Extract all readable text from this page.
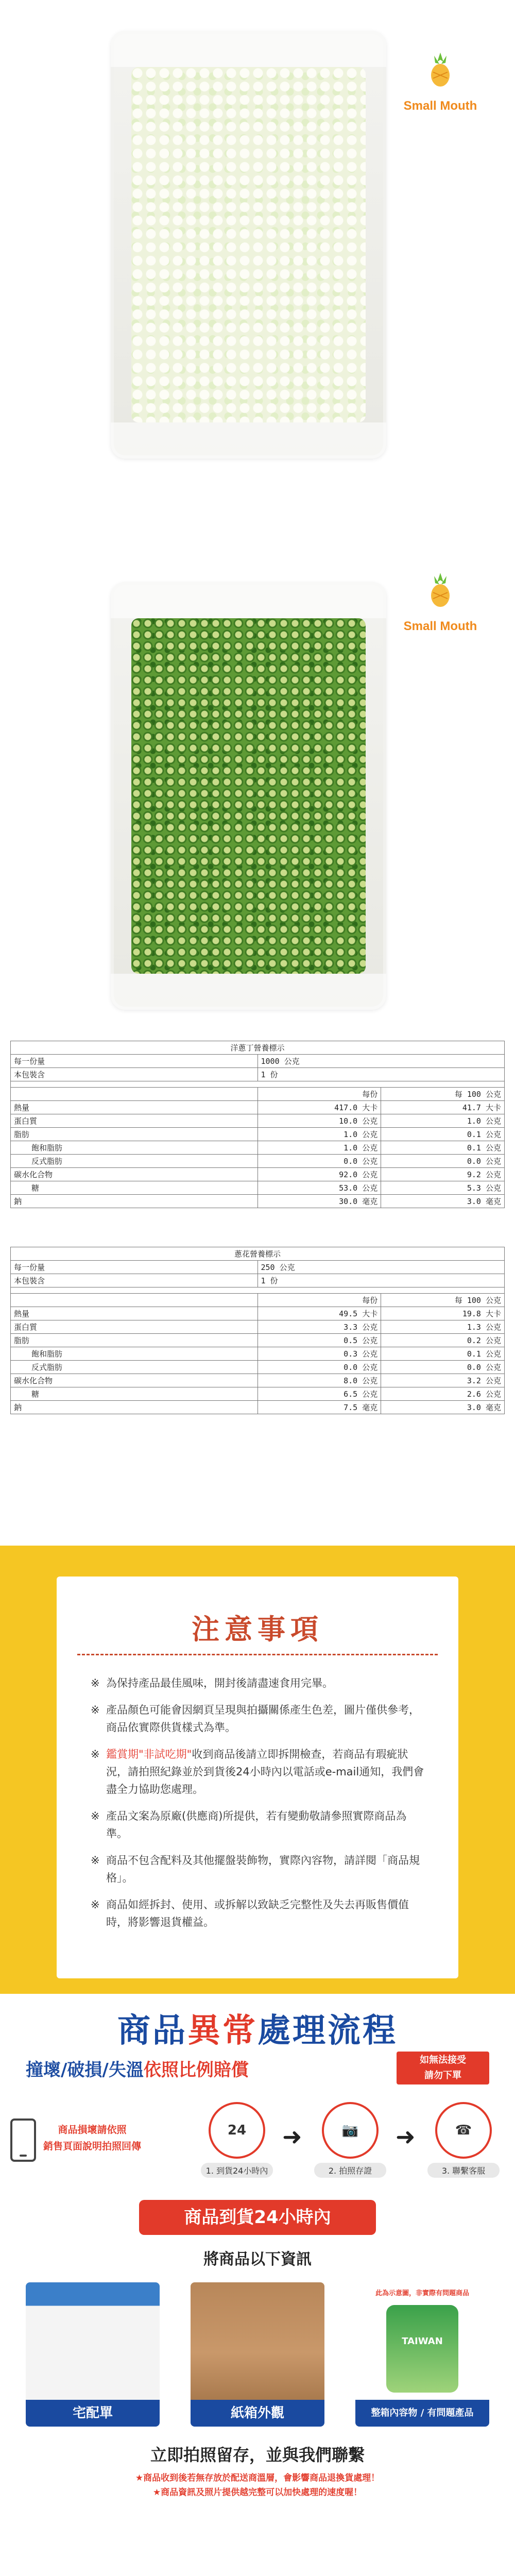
Small Mouth
Small Mouth
洋蔥丁營養標示		
每一份量	1000 公克	
本包裝含	1 份	

	每份	每 100 公克
熱量	417.0 大卡	41.7 大卡
蛋白質	10.0 公克	1.0 公克
脂肪	1.0 公克	0.1 公克
飽和脂肪	1.0 公克	0.1 公克
反式脂肪	0.0 公克	0.0 公克
碳水化合物	92.0 公克	9.2 公克
糖	53.0 公克	5.3 公克
鈉	30.0 毫克	3.0 毫克
蔥花營養標示		
每一份量	250 公克	
本包裝含	1 份	

	每份	每 100 公克
熱量	49.5 大卡	19.8 大卡
蛋白質	3.3 公克	1.3 公克
脂肪	0.5 公克	0.2 公克
飽和脂肪	0.3 公克	0.1 公克
反式脂肪	0.0 公克	0.0 公克
碳水化合物	8.0 公克	3.2 公克
糖	6.5 公克	2.6 公克
鈉	7.5 毫克	3.0 毫克
注意事項
※ 為保持產品最佳風味，開封後請盡速食用完畢。
※ 產品顏色可能會因網頁呈現與拍攝關係產生色差，圖片僅供參考，商品依實際供貨樣式為準。
※ 鑑賞期"非試吃期"收到商品後請立即拆開檢查，若商品有瑕疵狀況，請拍照紀錄並於到貨後24小時內以電話或e-mail通知，我們會盡全力協助您處理。
※ 產品文案為原廠(供應商)所提供，若有變動敬請參照實際商品為準。
※ 商品不包含配料及其他擺盤裝飾物，實際內容物，請詳閱「商品規格」。
※ 商品如經拆封、使用、或拆解以致缺乏完整性及失去再販售價值時，將影響退貨權益。
商品異常處理流程
撞壞/破損/失溫依照比例賠償	如無法接受
請勿下單
商品損壞請依照
銷售頁面說明拍照回傳
24
1. 到貨24小時內
➜	📷
2. 拍照存證
➜	☎
3. 聯繫客服
商品到貨24小時內
將商品以下資訊
宅配單	紙箱外觀
此為示意圖，非實際有問題商品
TAIWAN
整箱內容物 / 有問題產品
立即拍照留存，並與我們聯繫
★商品收到後若無存放於配送商溫層，會影響商品退換貨處理！
★商品資訊及照片提供越完整可以加快處理的速度喔！
